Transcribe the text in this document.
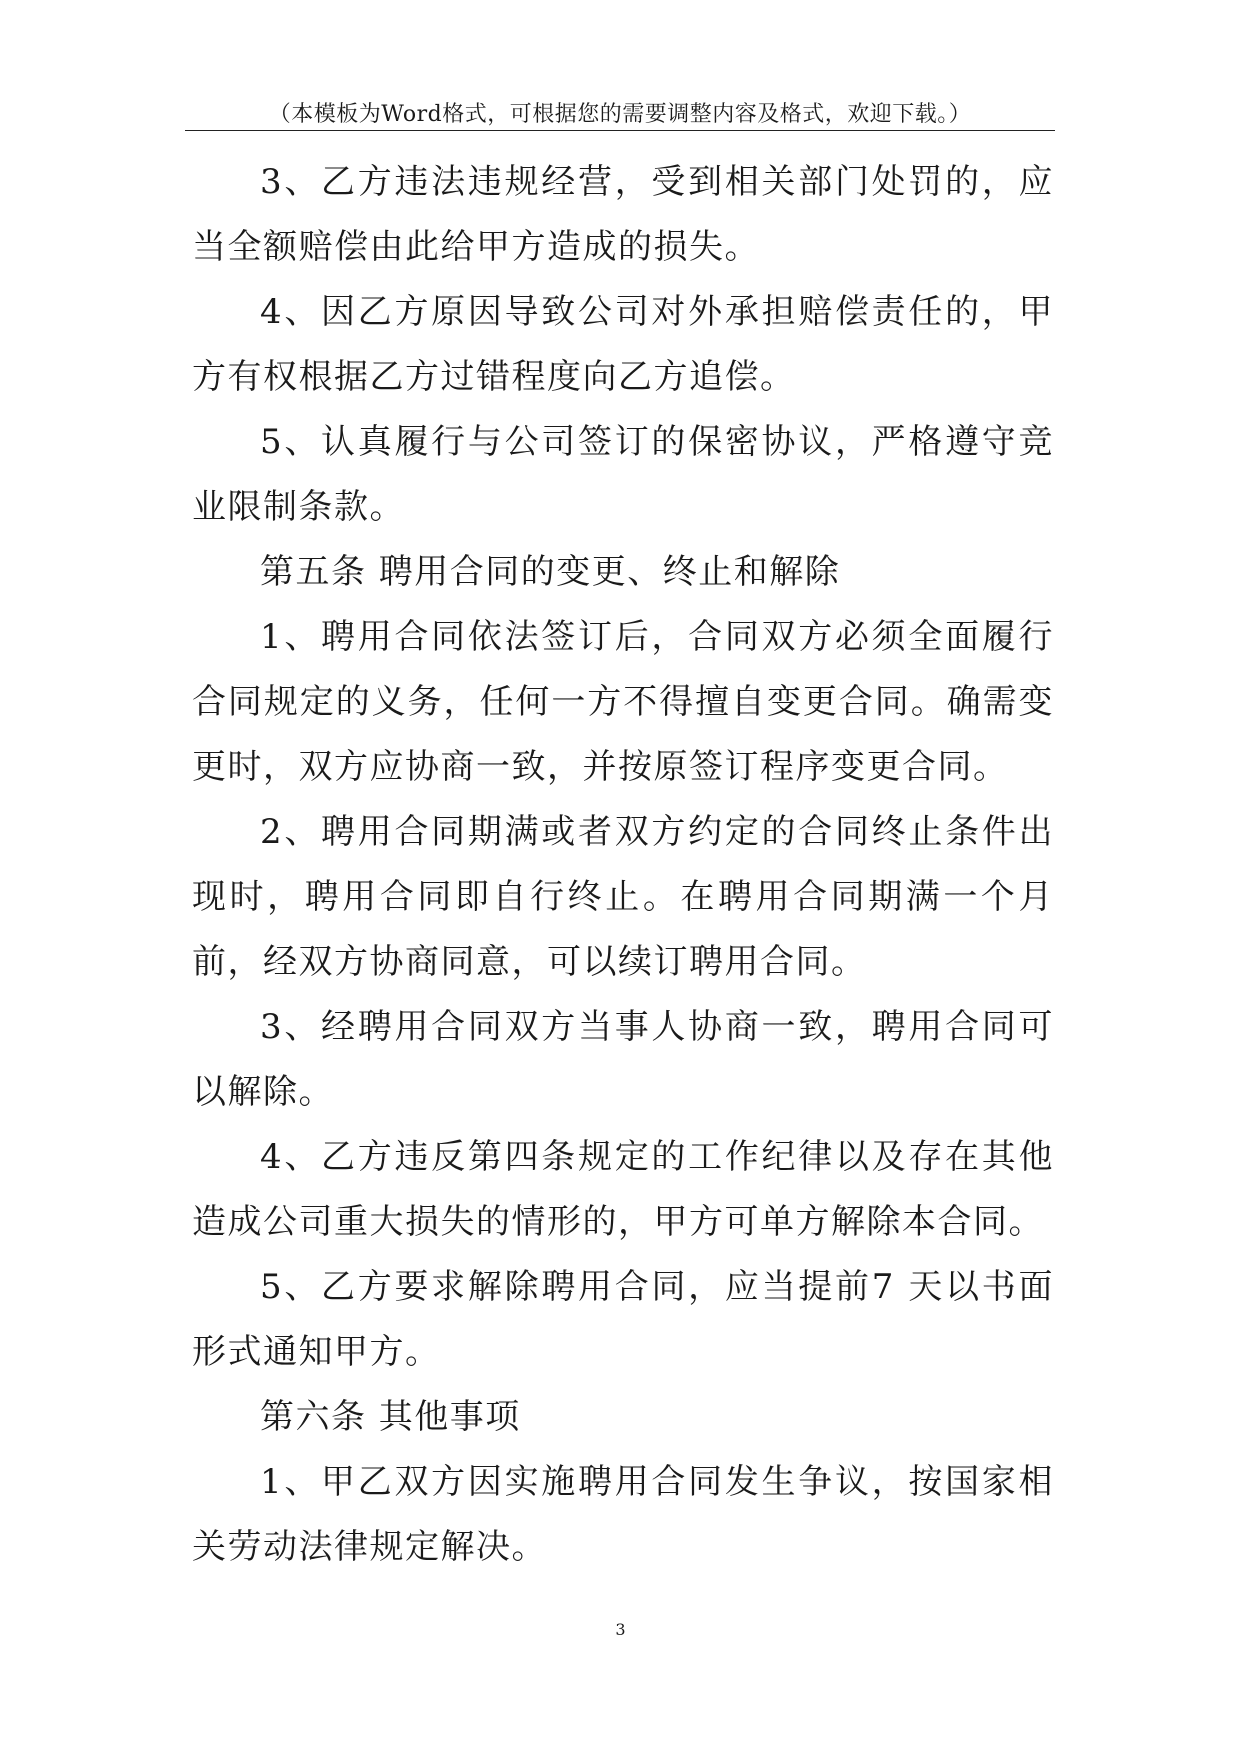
（本模板为Word格式，可根据您的需要调整内容及格式，欢迎下载。）

3、乙方违法违规经营，受到相关部门处罚的，应当全额赔偿由此给甲方造成的损失。

4、因乙方原因导致公司对外承担赔偿责任的，甲方有权根据乙方过错程度向乙方追偿。

5、认真履行与公司签订的保密协议，严格遵守竞业限制条款。

第五条 聘用合同的变更、终止和解除

1、聘用合同依法签订后，合同双方必须全面履行合同规定的义务，任何一方不得擅自变更合同。确需变更时，双方应协商一致，并按原签订程序变更合同。

2、聘用合同期满或者双方约定的合同终止条件出现时，聘用合同即自行终止。在聘用合同期满一个月前，经双方协商同意，可以续订聘用合同。

3、经聘用合同双方当事人协商一致，聘用合同可以解除。

4、乙方违反第四条规定的工作纪律以及存在其他造成公司重大损失的情形的，甲方可单方解除本合同。

5、乙方要求解除聘用合同，应当提前7 天以书面形式通知甲方。

第六条 其他事项

1、甲乙双方因实施聘用合同发生争议，按国家相关劳动法律规定解决。

3
